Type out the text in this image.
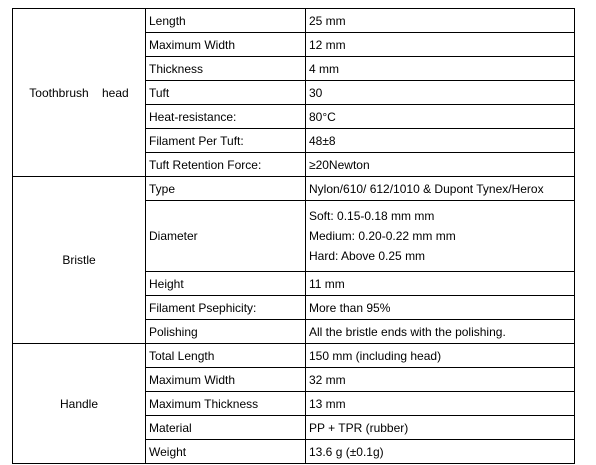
Toothbrush    head	Length	25 mm
	Maximum Width	12 mm
	Thickness	4 mm
	Tuft	30
	Heat-resistance:	80°C
	Filament Per Tuft:	48±8
	Tuft Retention Force:	≥20Newton
Bristle	Type	Nylon/610/ 612/1010 & Dupont Tynex/Herox
	Diameter	Soft: 0.15-0.18 mm mm
Medium: 0.20-0.22 mm mm
Hard: Above 0.25 mm

	Height	11 mm
	Filament Psephicity:	More than 95%
	Polishing	All the bristle ends with the polishing.
Handle	Total Length	150 mm (including head)
	Maximum Width	32 mm
	Maximum Thickness	13 mm
	Material	PP + TPR (rubber)
	Weight	13.6 g (±0.1g)
